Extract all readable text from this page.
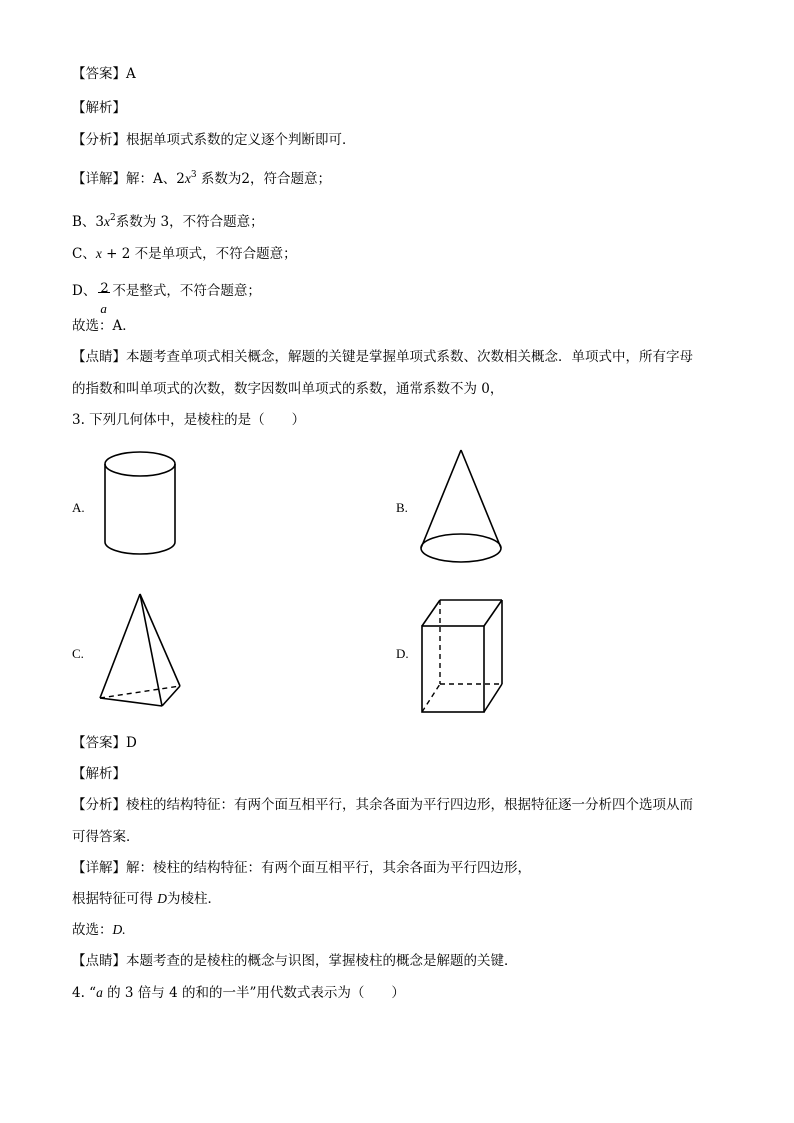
【答案】A
【解析】
【分析】根据单项式系数的定义逐个判断即可．
【详解】解：A、$2x^3$ 系数为2，符合题意；
B、$3x^2$系数为 3，不符合题意；
C、x + 2 不是单项式，不符合题意；
D、 2
a
不是整式，不符合题意；
故选：A．
【点睛】本题考查单项式相关概念，解题的关键是掌握单项式系数、次数相关概念．单项式中，所有字母
的指数和叫单项式的次数，数字因数叫单项式的系数，通常系数不为 0，
3. 下列几何体中，是棱柱的是（　　）
A.	B.
C.	D.
【答案】D
【解析】
【分析】棱柱的结构特征：有两个面互相平行，其余各面为平行四边形，根据特征逐一分析四个选项从而
可得答案．
【详解】解：棱柱的结构特征：有两个面互相平行，其余各面为平行四边形，
根据特征可得 D为棱柱．
故选：D.
【点睛】本题考查的是棱柱的概念与识图，掌握棱柱的概念是解题的关键．
4. “a 的 3 倍与 4 的和的一半”用代数式表示为（　　）
